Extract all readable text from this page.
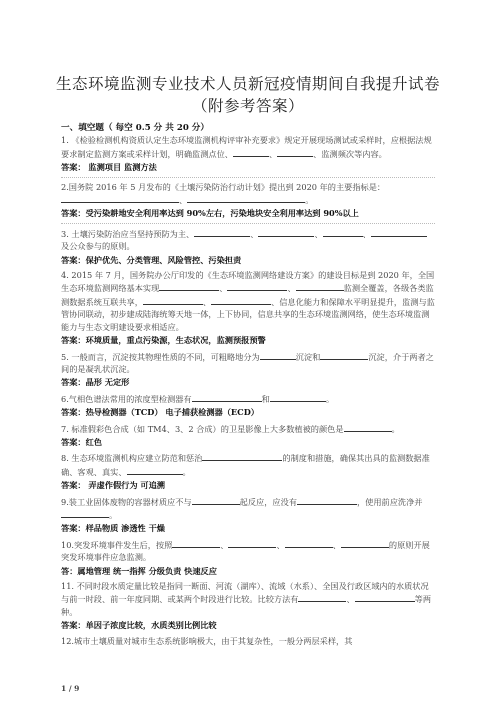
生态环境监测专业技术人员新冠疫情期间自我提升试卷
（附参考答案）
一、填空题（ 每空 0.5 分 共 20 分）

1. 《检验检测机构资质认定生态环境监测机构评审补充要求》规定开展现场测试或采样时，应根据法规要求制定监测方案或采样计划，明确监测点位、	、	、监测频次等内容。

答案： 监测项目 监测方法

2.国务院 2016 年 5 月发布的《土壤污染防治行动计划》提出到 2020 年的主要指标是：、	。

答案：受污染耕地安全利用率达到 90%左右，污染地块安全利用率达到 90%以上

3. 土壤污染防治应当坚持预防为主、	、	、	、及公众参与的原则。

答案：保护优先、分类管理、风险管控、污染担责

4. 2015 年 7 月，国务院办公厅印发的《生态环境监测网络建设方案》的建设目标是到 2020 年，全国生态环境监测网络基本实现	、	、	监测全覆盖，各级各类监测数据系统互联共享，	、	、信息化能力和保障水平明显提升，监测与监管协同联动，初步建成陆海统筹天地一体，上下协同，信息共享的生态环境监测网络，使生态环境监测能力与生态文明建设要求相适应。

答案：环境质量，重点污染源，生态状况，监测预报预警

5. 一般而言，沉淀按其物理性质的不同，可粗略地分为	沉淀和	沉淀，介于两者之间的是凝乳状沉淀。

答案：晶形 无定形

6.气相色谱法常用的浓度型检测器有	和	。

答案：热导检测器（TCD） 电子捕获检测器（ECD）

7. 标准假彩色合成（如 TM4、3、2 合成）的卫星影像上大多数植被的颜色是	。

答案：红色

8. 生态环境监测机构应建立防范和惩治	的制度和措施，确保其出具的监测数据准确、客观、真实、	。

答案： 弄虚作假行为 可追溯

9.装工业固体废物的容器材质应不与	起反应，应没有	，使用前应洗净并。

答案：样品物质 渗透性 干燥

10.突发环境事件发生后，按照	、	、	、	的原则开展突发环境事件应急监测。

答：属地管理 统一指挥 分级负责 快速反应

11. 不同时段水质定量比较是指同一断面、河流（湖库）、流域（水系）、全国及行政区域内的水质状况与前一时段、前一年度同期、或某两个时段进行比较。比较方法有	、	等两种。

答案：单因子浓度比较，水质类别比例比较

12.城市土壤质量对城市生态系统影响极大，由于其复杂性，一般分两层采样，其

1 / 9
